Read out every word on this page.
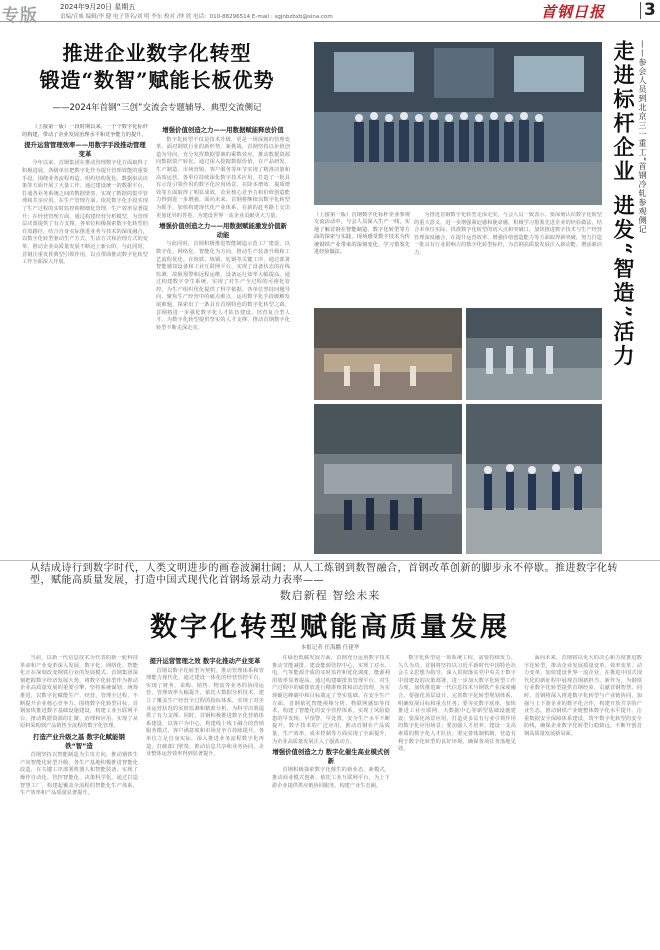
专版	2024年9月20日 星期五
责编/宣威 编辑/李 健 电子签名/刘 明 李东 校对 /钟 欣 电话：010-88296514 E-mail : sgjnbzbxb@sina.com	首钢日报 3
推进企业数字化转型
锻造“数智”赋能长板优势
——2024年首钢“三创”交流会专题辅导、典型交流侧记

（上接第一版）一段时期以来，一个个数字化标杆的构建，带动了企业发展治理水平和竞争能力的提升。

提升运营管理效率——用数字手段推动管理变革

今年以来，首钢集团在推动管理数字化方面取得了积极进展，各级单位把数字化作为提升管理效能的重要手段，围绕业务流程再造、组织结构优化、数据驱动决策等方面开展了大量工作。通过建设统一的数据平台，打通各业务系统之间的数据壁垒，实现了数据的集中管理和共享应用。在生产管理方面，依托数字化手段实现了生产过程的实时监控和精细化管理，生产效率显著提升；在经营管理方面，通过构建经营分析模型，为管理层决策提供了有力支撑。各单位积极探索数字化转型的有效路径，结合自身实际推进业务与技术的深度融合，以数字化转型驱动生产方式、生活方式和治理方式的变革，推动企业高质量发展不断迈上新台阶。与此同时，首钢注重发挥典型引领作用，以点带面推动数字化转型工作全面深入开展。

增强价值创造之力——用数据赋能释放价值

数字化转型不仅是技术升级，更是一场深刻的管理变革。面对钢铁行业的新形势、新挑战，首钢坚持以价值创造为导向，充分发挥数据要素的乘数效应，推动数据资源向数据资产转化。通过深入挖掘数据价值，在产品研发、生产制造、市场营销、客户服务等环节实现了精准决策和高效运营。各单位持续深化数字技术应用，打造了一批具有示范引领作用的数字化应用场景，在降本增效、提质增效等方面取得了明显成效，企业核心竞争力和价值创造能力得到进一步增强。面向未来，首钢将继续以数字化转型为抓手，加快构建现代化产业体系，在新的赶考路上交出更加优异的答卷，为建设世界一流企业贡献更大力量。

增强价值创造之力——用数据赋能激发价值新动能

与此同时，首钢积极推进智能制造示范工厂建设，以数字化、网络化、智能化为方向，推动生产装备升级和工艺流程优化。在炼铁、炼钢、轧钢等关键工序，通过部署智能感知设备和工业互联网平台，实现了设备状态的在线监测、故障预警和远程运维，设备运行效率大幅提高。通过构建数字孪生系统，实现了对生产全过程的可视化管控，为生产组织优化提供了科学依据。各单位坚持问题导向，聚焦生产经营中的痛点难点，运用数字化手段破解发展难题，探索出了一条具有首钢特色的数字化转型之路。首钢将进一步强化数字化人才队伍建设，培育复合型人才，为数字化转型提供坚实的人才支撑，推动首钢数字化转型不断走深走实。

（上接第一版）首钢数字化标杆企业参观交流活动中，与会人员深入生产一线，实地了解首钢在智能制造、数字化转型等方面的探索与实践，现场感受数字技术为传统钢铁产业带来的深刻变化，学习借鉴先进经验做法。

为推进首钢数字化转型走深走实，与会人员一致表示，要深刻认识数字化转型的重大意义，进一步增强紧迫感和使命感，积极学习借鉴先进企业的经验做法，结合本单位实际，找准数字化转型的切入点和突破口，加快推进数字技术与生产经营管理深度融合，在提升运营效率、增强价值创造能力等方面取得新突破，努力打造一批具有行业影响力的数字化转型标杆，为首钢高质量发展注入新动能、增添新活力。	走进标杆企业 进发“智造”活力 ——参会人员到北京三一重工“首钢冷轧参观侧记
从结成诗行到数字时代，人类文明进步的画卷波澜壮阔；从人工炼钢到数智融合，首钢改革创新的脚步永不停歇。推进数字化转型，赋能高质量发展，打造中国式现代化首钢场景动力表率——
数启新程 智绘未来
数字化转型赋能高质量发展
本报记者 任海鹏 任建华

当前，以新一代信息技术为代表的新一轮科技革命和产业变革深入发展，数字化、网络化、智能化正在深刻改变钢铁行业的发展模式。首钢集团深刻把握数字经济发展大势，将数字化转型作为推动企业高质量发展的重要引擎，坚持系统谋划、统筹推进，以数字化赋能生产、经营、管理全过程，不断提升企业核心竞争力。围绕数字化转型目标，首钢加快推进数字基础设施建设，构建工业互联网平台，推动数据资源的汇聚、治理和应用，实现了从原料采购到产品销售全流程的数字化管理。

打造产业升级之基 数字化赋能钢铁“智”造

首钢坚持以智能制造为主攻方向，推动钢铁生产向智能化转型升级。各生产基地积极推进智能化改造，在关键工序部署机器人和智能装备，实现了操作自动化、管控智能化、决策科学化。通过打造智慧工厂，构建起覆盖全流程的智能化生产体系，生产效率和产品质量显著提升。

提升运营管理之效 数字化推动产业变革

首钢以数字化转型为契机，推动管理体系和管理能力现代化。通过建设一体化的经营管控平台，实现了财务、采购、销售、物流等业务的协同运营，管理效率大幅提升。依托大数据分析技术，建立了覆盖生产经营全过程的指标体系，实现了对企业运营状况的实时监测和精准分析，为科学决策提供了有力支撑。同时，首钢积极推进数字化营销体系建设，以客户为中心，构建线上线下融合的营销服务模式，客户满意度和市场竞争力持续提升。各单位立足自身实际，深入推进业务流程数字化再造，打破部门壁垒，推动信息共享和业务协同，企业整体运营效率得到显著提升。

在绿色低碳发展方面，首钢充分运用数字技术推动节能减排，建设能源管控中心，实现了对水、电、气等能源介质的实时监控和优化调度，能源利用效率显著提高。通过构建碳排放管理平台，对生产过程中的碳排放进行精准核算和动态管理，为实现碳达峰碳中和目标奠定了坚实基础。在安全生产方面，首钢依托智能视频分析、物联网感知等技术，构建了智能化的安全管控体系，实现了风险隐患的早发现、早预警、早处置，安全生产水平不断提升。数字技术的广泛应用，推动首钢在产品质量、生产效率、成本控制等方面实现了全面提升，为企业高质量发展注入了强劲动力。

增强价值创造之力 数字化催生高业模式创新

首钢积极探索数字化催生的新业态、新模式，推动商业模式创新。依托工业互联网平台，为上下游企业提供供应链协同服务，构建产业生态圈。

数字化转型是一项系统工程，需要持续发力、久久为功。首钢将坚持以习近平新时代中国特色社会主义思想为指导，深入贯彻落实党中央关于数字中国建设的决策部署，进一步加大数字化转型工作力度，加快推进新一代信息技术与钢铁产业深度融合。要强化顶层设计，完善数字化转型规划体系，明确发展目标和重点任务；要夯实数字底座，加快推进工业互联网、大数据中心等新型基础设施建设；要深化场景应用，打造更多具有行业引领作用的数字化应用场景；要加强人才培养，建设一支高素质的数字化人才队伍；要完善体制机制，营造有利于数字化转型的良好环境，确保各项任务落地见效。

面向未来，首钢将以更大的决心和力度推进数字化转型，推动企业发展质量变革、效率变革、动力变革，加快建设世界一流企业，在推进中国式现代化的新征程中展现首钢新担当、新作为，为钢铁行业数字化转型提供首钢经验、贡献首钢智慧。同时，首钢将深入推进数字化转型与产业链协同，加强与上下游企业的数字化合作，构建开放共享的产业生态，推动钢铁产业链整体数字化水平提升。注重数据安全保障体系建设，筑牢数字化转型的安全防线，确保企业数字化转型行稳致远，不断开创首钢高质量发展新局面。
